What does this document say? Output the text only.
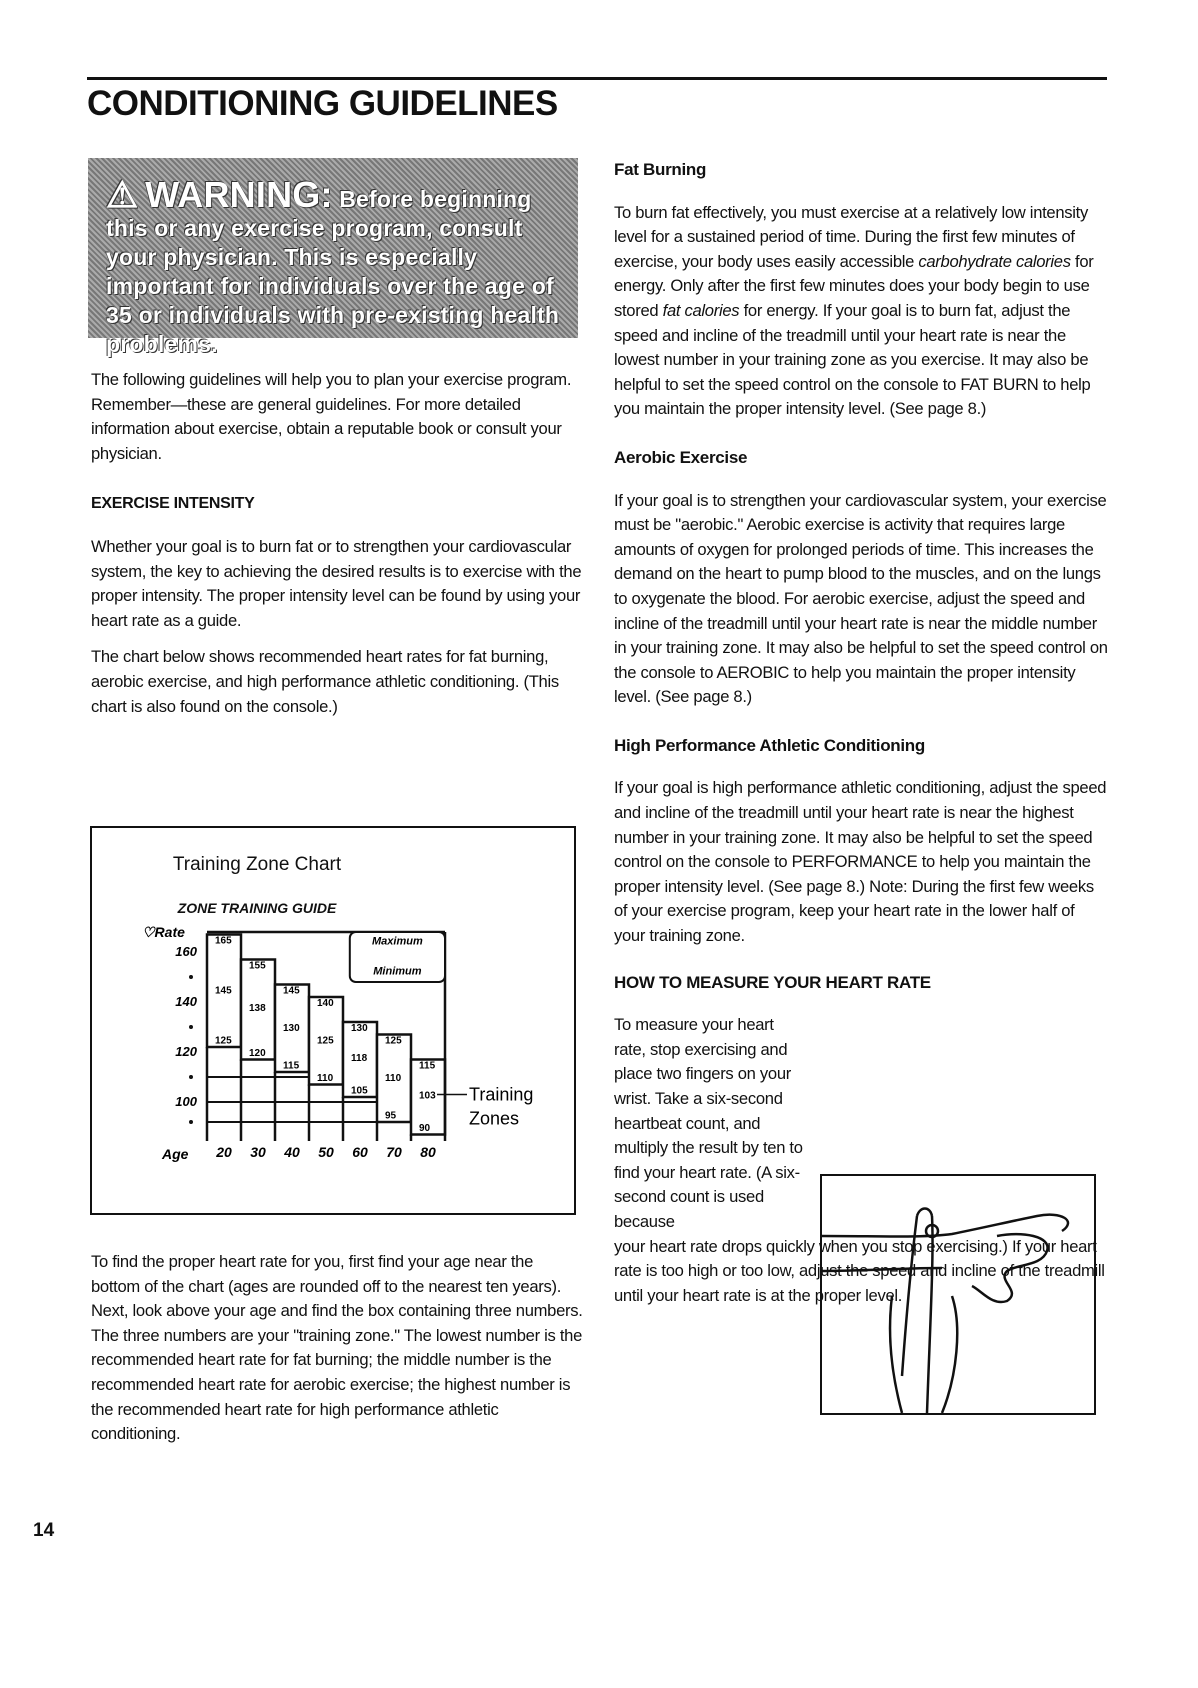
CONDITIONING GUIDELINES

⚠ WARNING: Before beginning this or any exercise program, consult your physician. This is especially important for individuals over the age of 35 or individuals with pre-existing health problems.

The following guidelines will help you to plan your exercise program. Remember—these are general guidelines. For more detailed information about exercise, obtain a reputable book or consult your physician.

EXERCISE INTENSITY

Whether your goal is to burn fat or to strengthen your cardiovascular system, the key to achieving the desired results is to exercise with the proper intensity. The proper intensity level can be found by using your heart rate as a guide.

The chart below shows recommended heart rates for fat burning, aerobic exercise, and high performance athletic conditioning. (This chart is also found on the console.)

Training Zone Chart
ZONE TRAINING GUIDE
♡Rate
160
140
120
100
165
145
125
20
155
138
120
30
145
130
115
40
140
125
110
50
130
118
105
60
125
110
95
70
115
103
90
80
Age
Maximum
Minimum
Training
Zones

To find the proper heart rate for you, first find your age near the bottom of the chart (ages are rounded off to the nearest ten years). Next, look above your age and find the box containing three numbers. The three numbers are your "training zone." The lowest number is the recommended heart rate for fat burning; the middle number is the recommended heart rate for aerobic exercise; the highest number is the recommended heart rate for high performance athletic conditioning.

Fat Burning

To burn fat effectively, you must exercise at a relatively low intensity level for a sustained period of time. During the first few minutes of exercise, your body uses easily accessible carbohydrate calories for energy. Only after the first few minutes does your body begin to use stored fat calories for energy. If your goal is to burn fat, adjust the speed and incline of the treadmill until your heart rate is near the lowest number in your training zone as you exercise. It may also be helpful to set the speed control on the console to FAT BURN to help you maintain the proper intensity level. (See page 8.)

Aerobic Exercise

If your goal is to strengthen your cardiovascular system, your exercise must be "aerobic." Aerobic exercise is activity that requires large amounts of oxygen for prolonged periods of time. This increases the demand on the heart to pump blood to the muscles, and on the lungs to oxygenate the blood. For aerobic exercise, adjust the speed and incline of the treadmill until your heart rate is near the middle number in your training zone. It may also be helpful to set the speed control on the console to AEROBIC to help you maintain the proper intensity level. (See page 8.)

High Performance Athletic Conditioning

If your goal is high performance athletic conditioning, adjust the speed and incline of the treadmill until your heart rate is near the highest number in your training zone. It may also be helpful to set the speed control on the console to PERFORMANCE to help you maintain the proper intensity level. (See page 8.) Note: During the first few weeks of your exercise program, keep your heart rate in the lower half of your training zone.

HOW TO MEASURE YOUR HEART RATE

To measure your heart rate, stop exercising and place two fingers on your wrist. Take a six-second heartbeat count, and multiply the result by ten to find your heart rate. (A six-second count is used because

your heart rate drops quickly when you stop exercising.) If your heart rate is too high or too low, adjust the speed and incline of the treadmill until your heart rate is at the proper level.

14
